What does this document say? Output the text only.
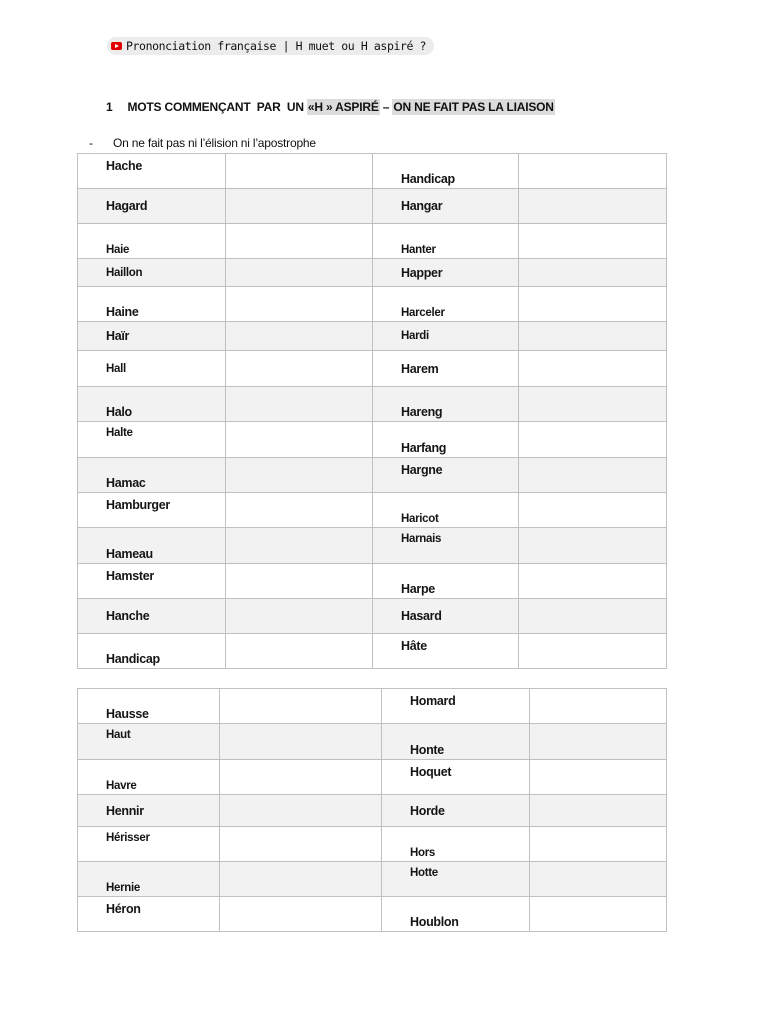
Prononciation française | H muet ou H aspiré ?
1 MOTS COMMENÇANT  PAR  UN «H » ASPIRÉ – ON NE FAIT PAS LA LIAISON
- On ne fait pas ni l’élision ni l’apostrophe
Hache		Handicap	
Hagard		Hangar	
Haie		Hanter	
Haillon		Happer	
Haine		Harceler	
Haïr		Hardi	
Hall		Harem	
Halo		Hareng	
Halte		Harfang	
Hamac		Hargne	
Hamburger		Haricot	
Hameau		Harnais	
Hamster		Harpe	
Hanche		Hasard	
Handicap		Hâte	
Hausse		Homard	
Haut		Honte	
Havre		Hoquet	
Hennir		Horde	
Hérisser		Hors	
Hernie		Hotte	
Héron		Houblon	
